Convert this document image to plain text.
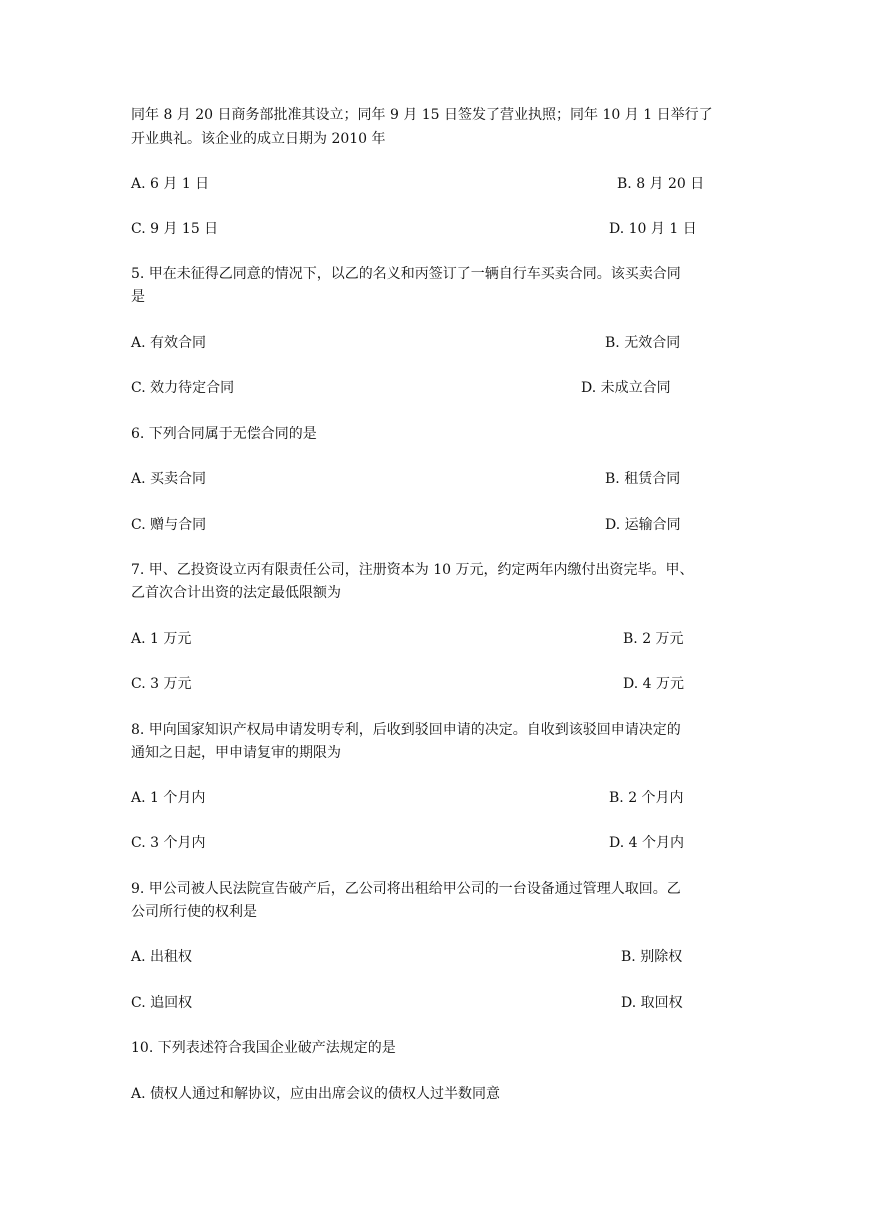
同年 8 月 20 日商务部批准其设立；同年 9 月 15 日签发了营业执照；同年 10 月 1 日举行了
开业典礼。该企业的成立日期为 2010 年
A. 6 月 1 日	B. 8 月 20 日
C. 9 月 15 日	D. 10 月 1 日
5. 甲在未征得乙同意的情况下，以乙的名义和丙签订了一辆自行车买卖合同。该买卖合同
是
A. 有效合同	B. 无效合同
C. 效力待定合同	D. 未成立合同
6. 下列合同属于无偿合同的是
A. 买卖合同	B. 租赁合同
C. 赠与合同	D. 运输合同
7. 甲、乙投资设立丙有限责任公司，注册资本为 10 万元，约定两年内缴付出资完毕。甲、
乙首次合计出资的法定最低限额为
A. 1 万元	B. 2 万元
C. 3 万元	D. 4 万元
8. 甲向国家知识产权局申请发明专利，后收到驳回申请的决定。自收到该驳回申请决定的
通知之日起，甲申请复审的期限为
A. 1 个月内	B. 2 个月内
C. 3 个月内	D. 4 个月内
9. 甲公司被人民法院宣告破产后，乙公司将出租给甲公司的一台设备通过管理人取回。乙
公司所行使的权利是
A. 出租权	B. 别除权
C. 追回权	D. 取回权
10. 下列表述符合我国企业破产法规定的是
A. 债权人通过和解协议，应由出席会议的债权人过半数同意
